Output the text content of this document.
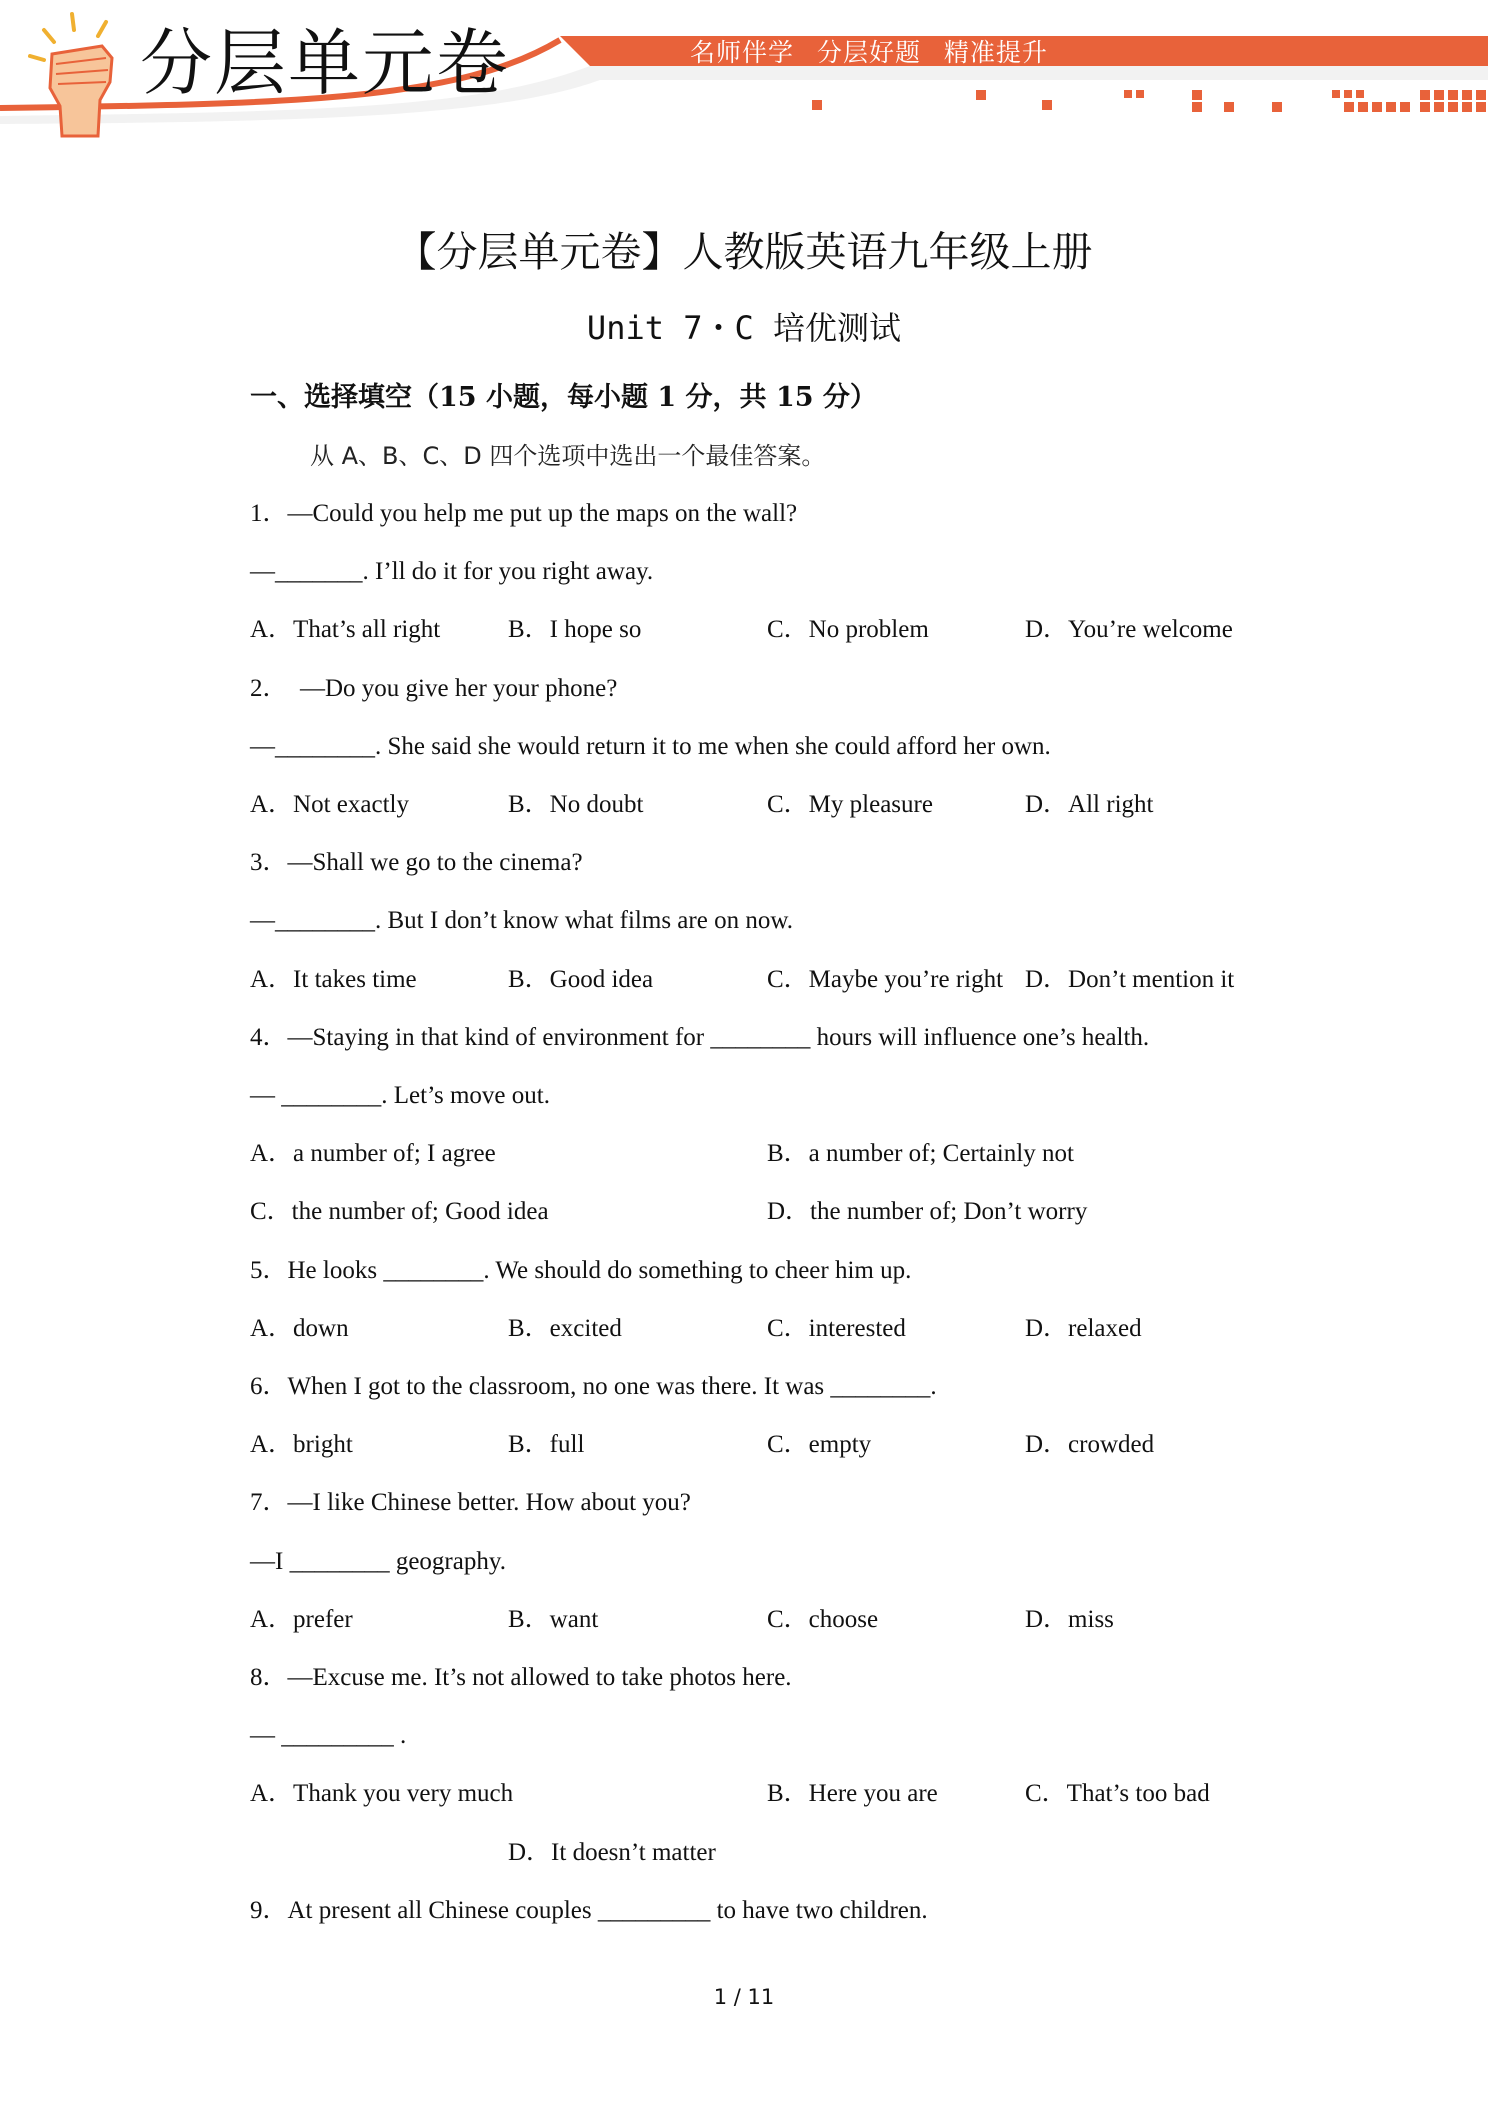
分层单元卷	名师伴学 分层好题 精准提升
【分层单元卷】人教版英语九年级上册
Unit 7・C 培优测试
一、选择填空（15 小题，每小题 1 分，共 15 分）
从 A、B、C、D 四个选项中选出一个最佳答案。
1．—Could you help me put up the maps on the wall?
—_______. I’ll do it for you right away.
A．That’s all right	B．I hope so	C．No problem	D．You’re welcome
2．  —Do you give her your phone?
—________. She said she would return it to me when she could afford her own.
A．Not exactly	B．No doubt	C．My pleasure	D．All right
3．—Shall we go to the cinema?
—________. But I don’t know what films are on now.
A．It takes time	B．Good idea	C．Maybe you’re right D．Don’t mention it
4．—Staying in that kind of environment for ________ hours will influence one’s health.
— ________. Let’s move out.
A．a number of; I agree	B．a number of; Certainly not
C．the number of; Good idea	D．the number of; Don’t worry
5．He looks ________. We should do something to cheer him up.
A．down	B．excited	C．interested	D．relaxed
6．When I got to the classroom, no one was there. It was ________.
A．bright	B．full	C．empty	D．crowded
7．—I like Chinese better. How about you?
—I ________ geography.
A．prefer	B．want	C．choose	D．miss
8．—Excuse me. It’s not allowed to take photos here.
— _________ .
A．Thank you very much	B．Here you are	C．That’s too bad
D．It doesn’t matter
9．At present all Chinese couples _________ to have two children.
1 / 11
